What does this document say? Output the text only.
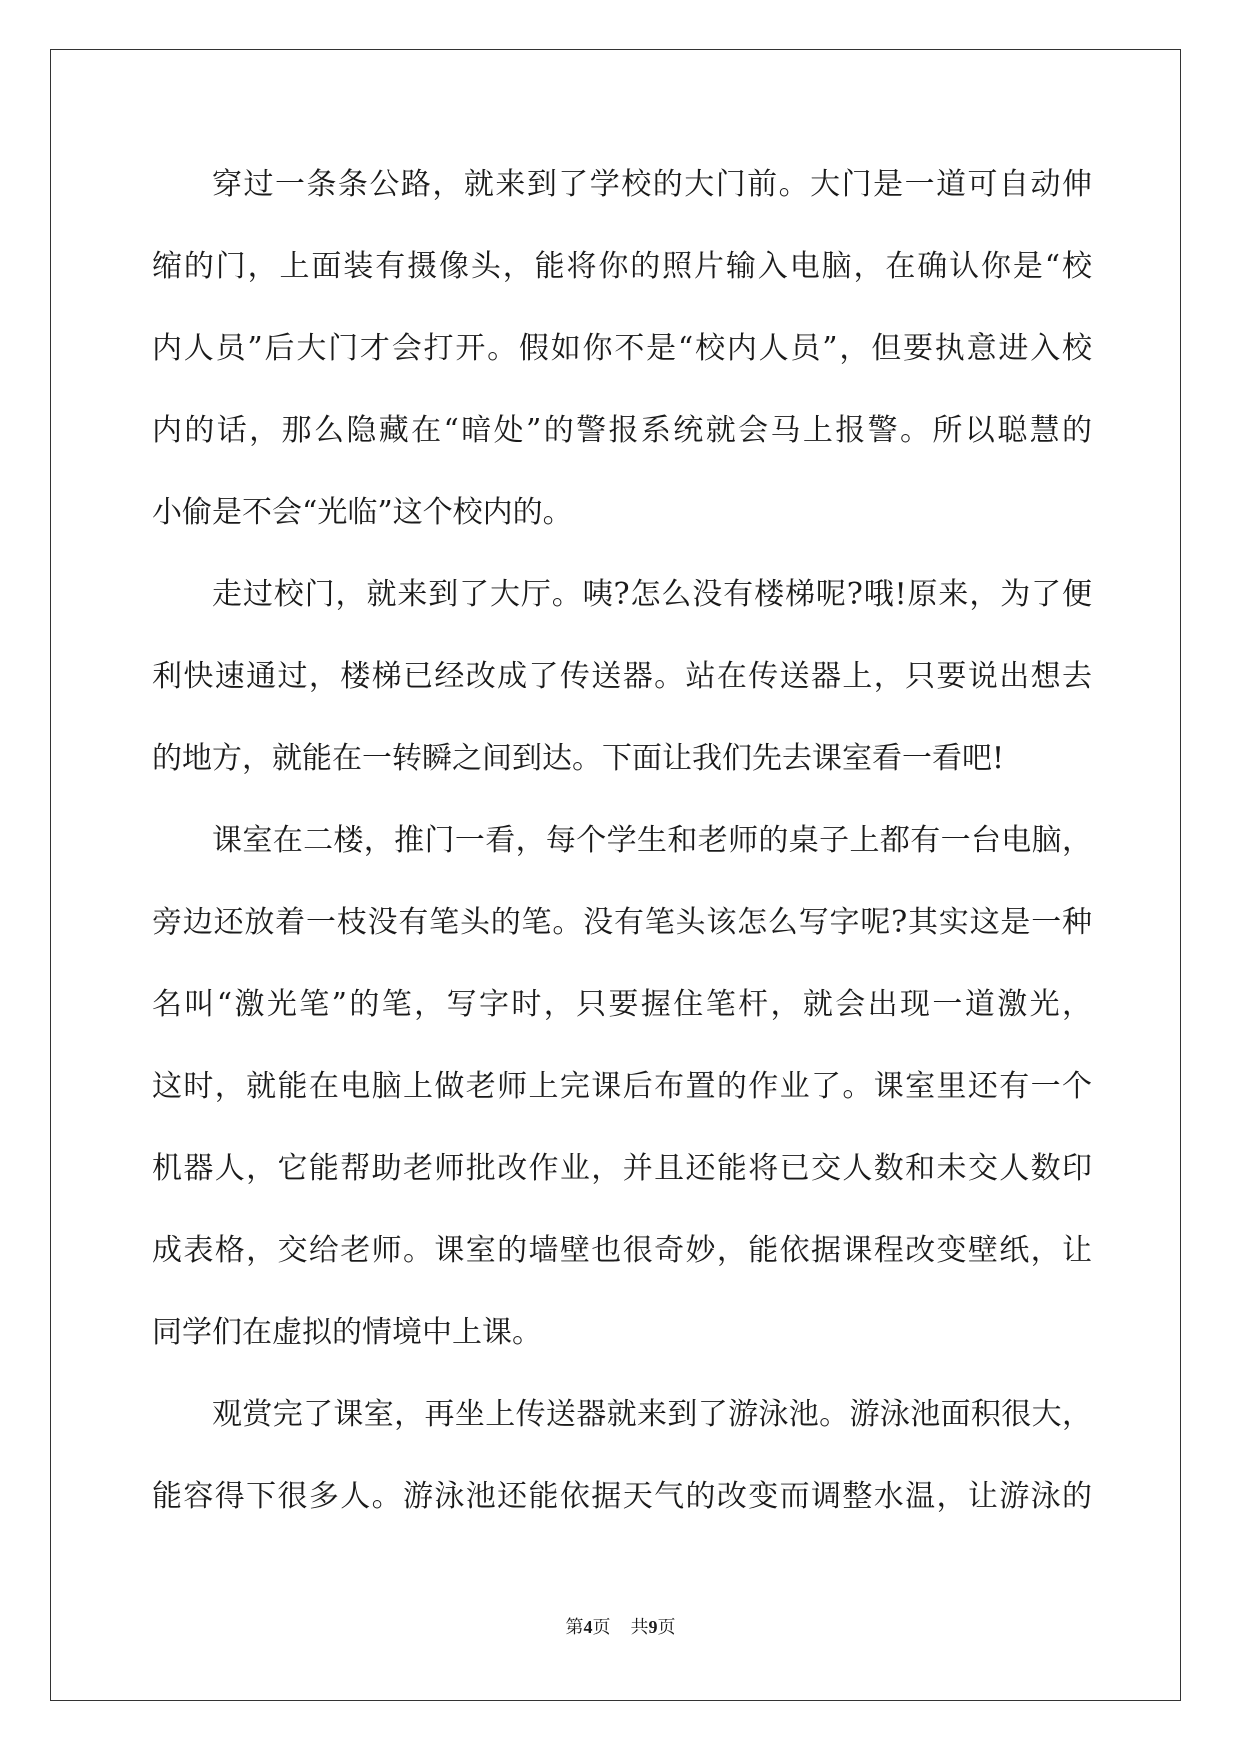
穿过一条条公路，就来到了学校的大门前。大门是一道可自动伸
缩的门，上面装有摄像头，能将你的照片输入电脑，在确认你是“校
内人员”后大门才会打开。假如你不是“校内人员”，但要执意进入校
内的话，那么隐藏在“暗处”的警报系统就会马上报警。所以聪慧的
小偷是不会“光临”这个校内的。
走过校门，就来到了大厅。咦?怎么没有楼梯呢?哦!原来，为了便
利快速通过，楼梯已经改成了传送器。站在传送器上，只要说出想去
的地方，就能在一转瞬之间到达。下面让我们先去课室看一看吧!
课室在二楼，推门一看，每个学生和老师的桌子上都有一台电脑，
旁边还放着一枝没有笔头的笔。没有笔头该怎么写字呢?其实这是一种
名叫“激光笔”的笔，写字时，只要握住笔杆，就会出现一道激光，
这时，就能在电脑上做老师上完课后布置的作业了。课室里还有一个
机器人，它能帮助老师批改作业，并且还能将已交人数和未交人数印
成表格，交给老师。课室的墙壁也很奇妙，能依据课程改变壁纸，让
同学们在虚拟的情境中上课。
观赏完了课室，再坐上传送器就来到了游泳池。游泳池面积很大，
能容得下很多人。游泳池还能依据天气的改变而调整水温，让游泳的
第4页 共9页
